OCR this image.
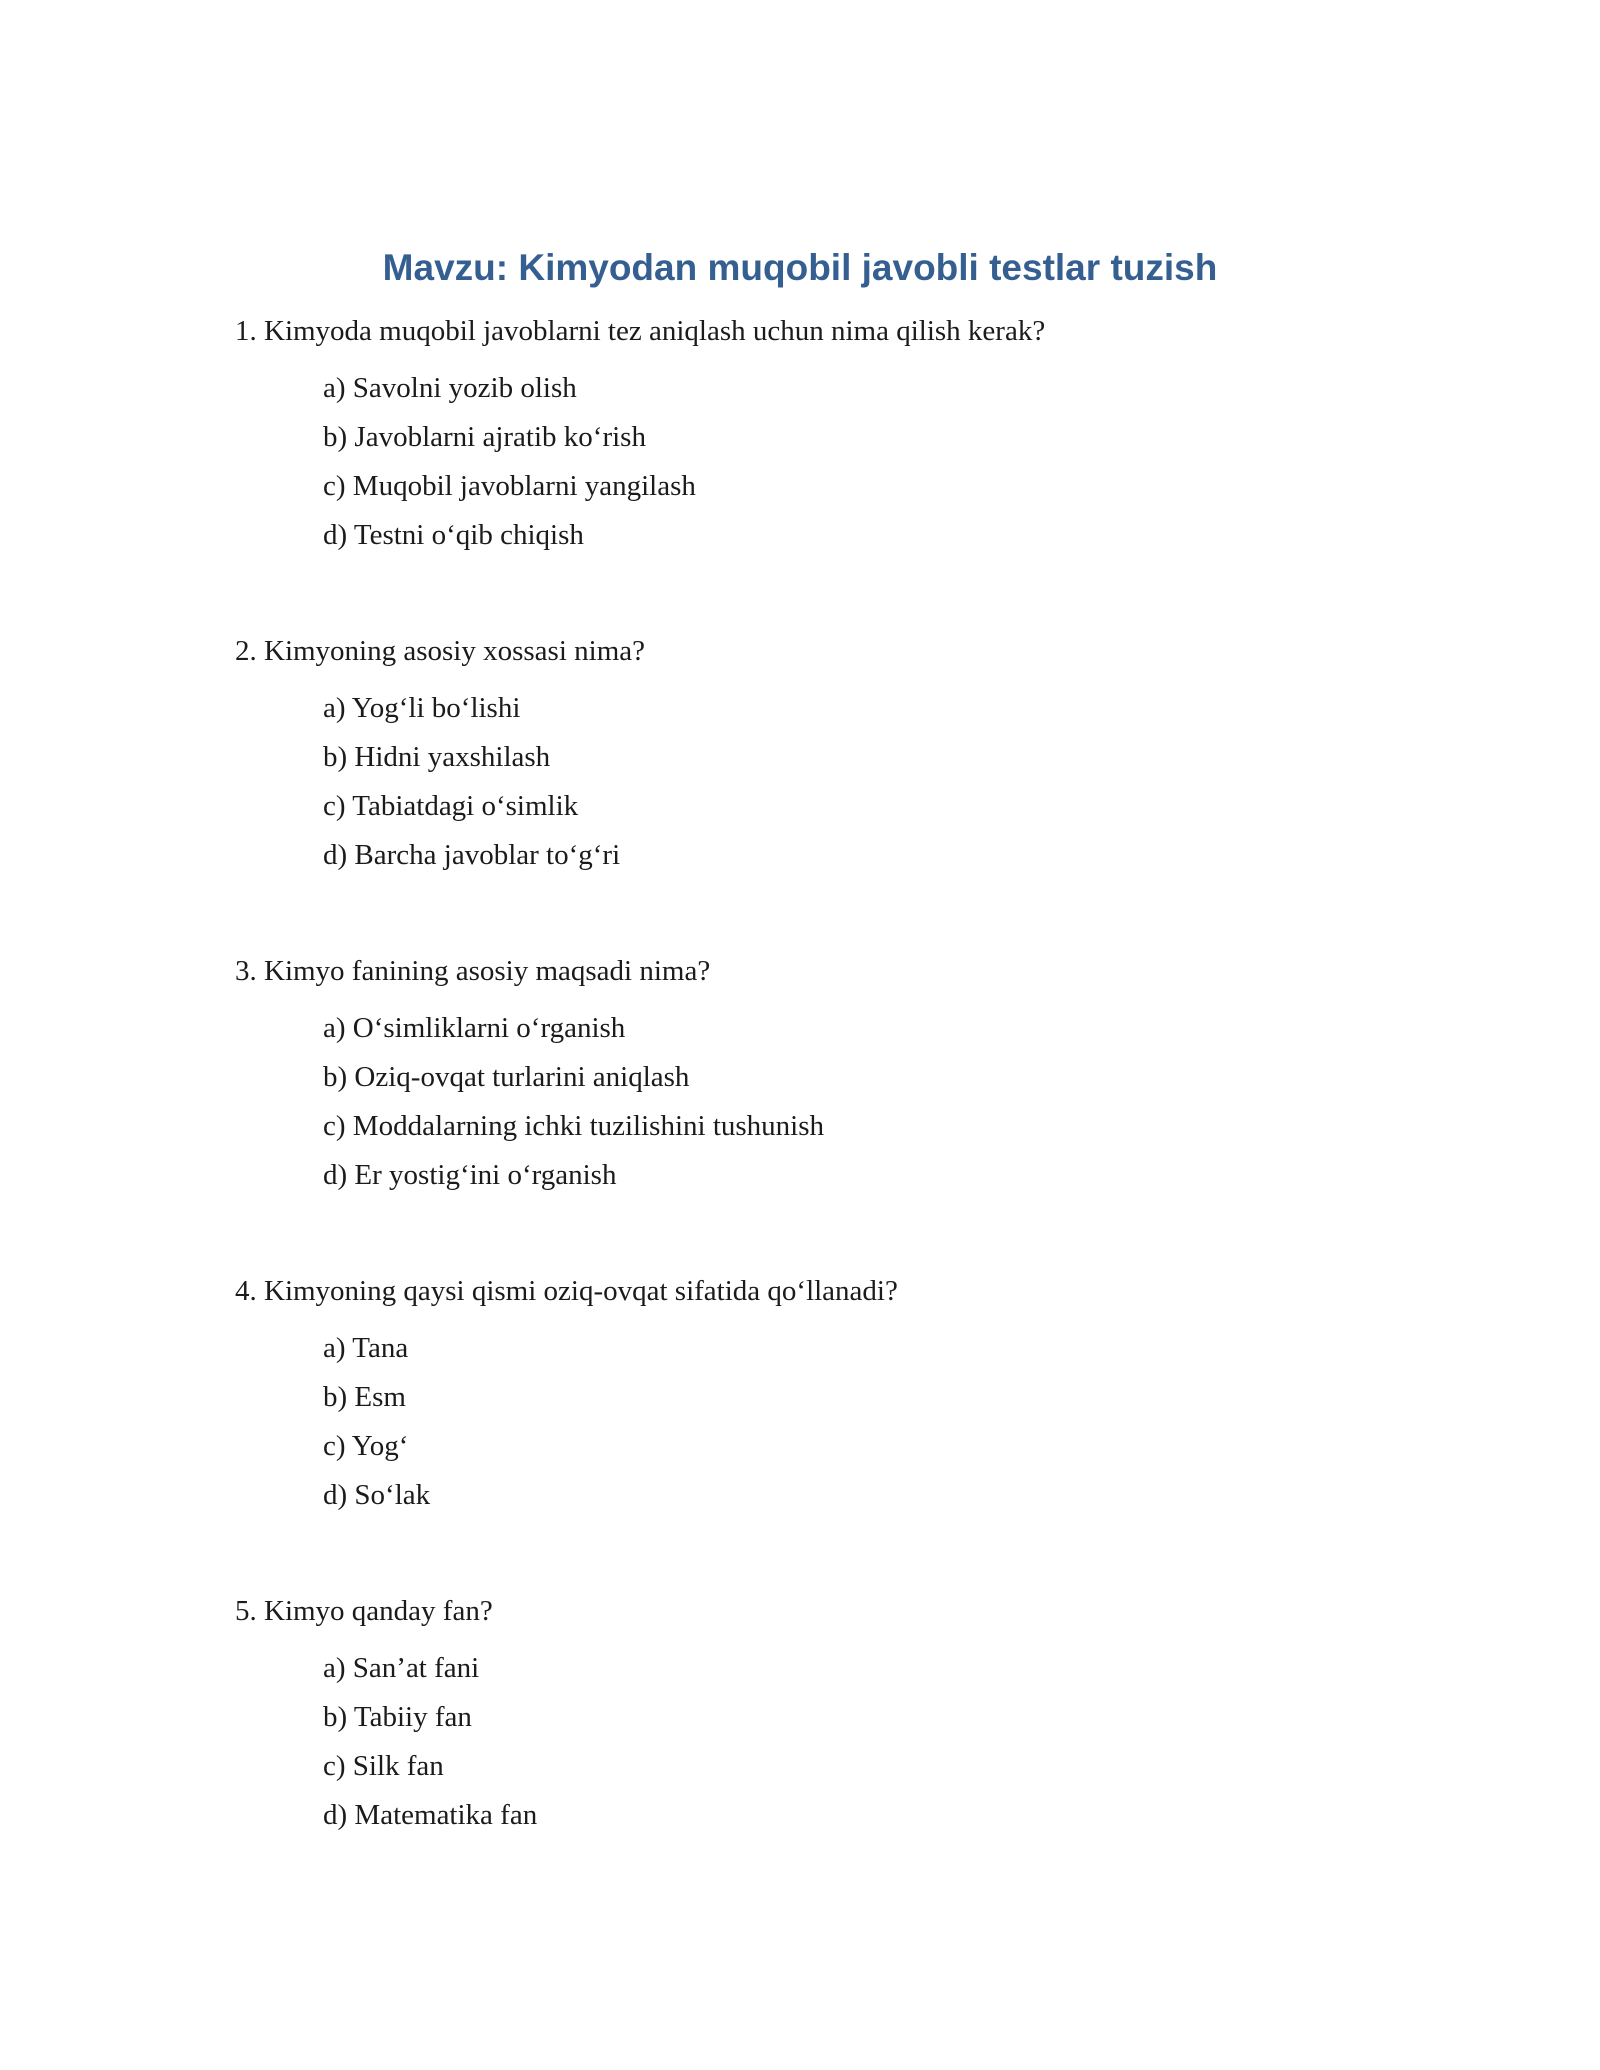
Mavzu: Kimyodan muqobil javobli testlar tuzish
1. Kimyoda muqobil javoblarni tez aniqlash uchun nima qilish kerak?
a) Savolni yozib olish
b) Javoblarni ajratib ko‘rish
c) Muqobil javoblarni yangilash
d) Testni o‘qib chiqish
2. Kimyoning asosiy xossasi nima?
a) Yog‘li bo‘lishi
b) Hidni yaxshilash
c) Tabiatdagi o‘simlik
d) Barcha javoblar to‘g‘ri
3. Kimyo fanining asosiy maqsadi nima?
a) O‘simliklarni o‘rganish
b) Oziq-ovqat turlarini aniqlash
c) Moddalarning ichki tuzilishini tushunish
d) Er yostig‘ini o‘rganish
4. Kimyoning qaysi qismi oziq-ovqat sifatida qo‘llanadi?
a) Tana
b) Esm
c) Yog‘
d) So‘lak
5. Kimyo qanday fan?
a) San’at fani
b) Tabiiy fan
c) Silk fan
d) Matematika fan
